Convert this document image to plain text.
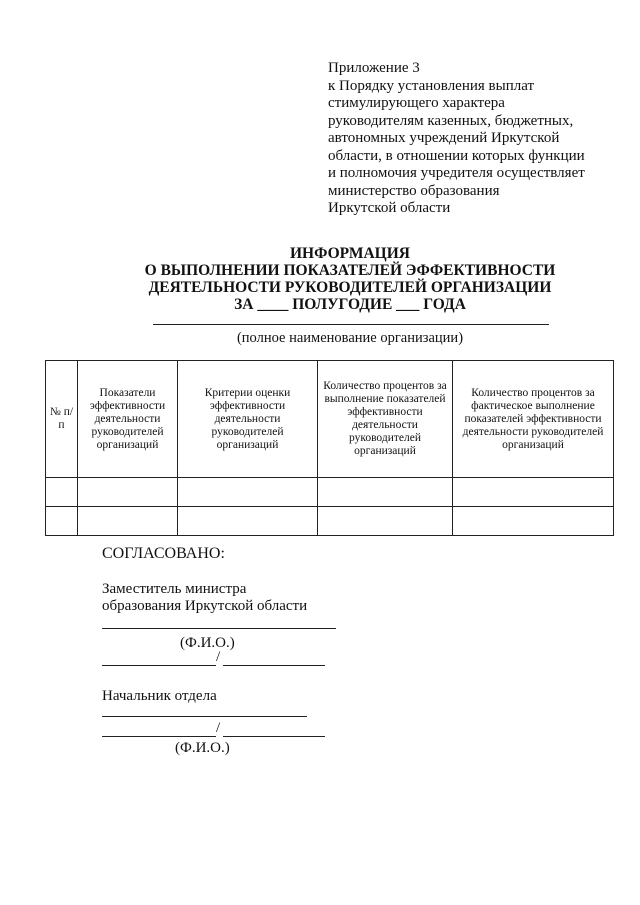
Приложение 3
к Порядку установления выплат
стимулирующего характера
руководителям казенных, бюджетных,
автономных учреждений Иркутской
области, в отношении которых функции
и полномочия учредителя осуществляет
министерство образования
Иркутской области
ИНФОРМАЦИЯ
О ВЫПОЛНЕНИИ ПОКАЗАТЕЛЕЙ ЭФФЕКТИВНОСТИ
ДЕЯТЕЛЬНОСТИ РУКОВОДИТЕЛЕЙ ОРГАНИЗАЦИИ
ЗА ____ ПОЛУГОДИЕ ___ ГОДА
(полное наименование организации)
№ п/п	Показатели эффективности деятельности руководителей организаций	Критерии оценки эффективности деятельности руководителей организаций	Количество процентов за выполнение показателей эффективности деятельности руководителей организаций	Количество процентов за фактическое выполнение показателей эффективности деятельности руководителей организаций

СОГЛАСОВАНО:
Заместитель министра
образования Иркутской области
(Ф.И.О.)
/
Начальник отдела
/
(Ф.И.О.)
